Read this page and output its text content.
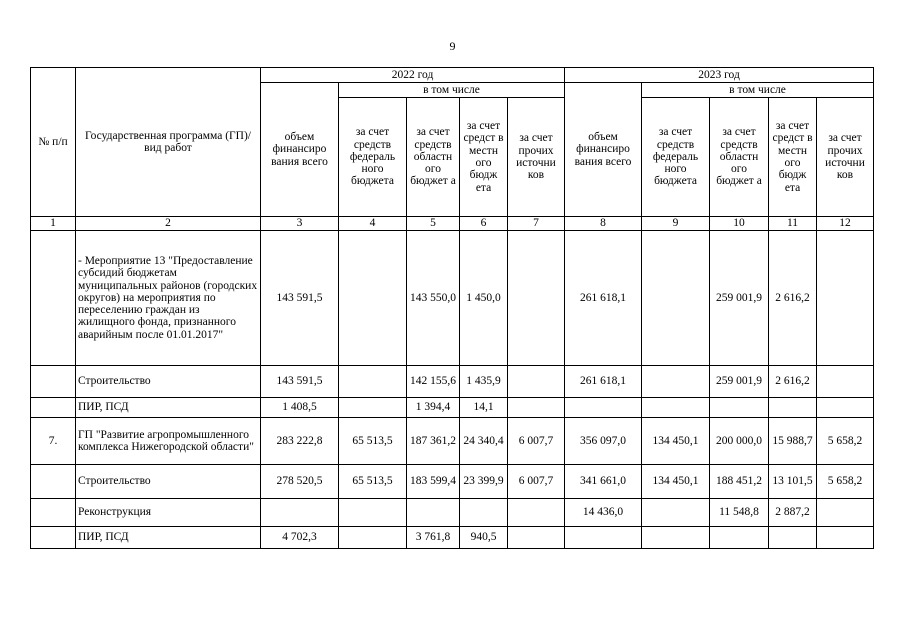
9
№ п/п	Государственная программа (ГП)/ вид работ	2022 год					2023 год				
		объем финансиро вания всего	в том числе				объем финансиро вания всего	в том числе			
			за счет средств федераль ного бюджета	за счет средств областн ого бюджет а	за счет средст в местн ого бюдж ета	за счет прочих источни ков		за счет средств федераль ного бюджета	за счет средств областн ого бюджет а	за счет средст в местн ого бюдж ета	за счет прочих источни ков
1	2	3	4	5	6	7	8	9	10	11	12
	- Мероприятие 13 "Предоставление субсидий бюджетам муниципальных районов (городских округов) на мероприятия по переселению граждан из жилищного фонда, признанного аварийным после 01.01.2017"	143 591,5		143 550,0	1 450,0		261 618,1		259 001,9	2 616,2	
	Строительство	143 591,5		142 155,6	1 435,9		261 618,1		259 001,9	2 616,2	
	ПИР, ПСД	1 408,5		1 394,4	14,1						
7.	ГП "Развитие агропромышленного комплекса Нижегородской области"	283 222,8	65 513,5	187 361,2	24 340,4	6 007,7	356 097,0	134 450,1	200 000,0	15 988,7	5 658,2
	Строительство	278 520,5	65 513,5	183 599,4	23 399,9	6 007,7	341 661,0	134 450,1	188 451,2	13 101,5	5 658,2
	Реконструкция						14 436,0		11 548,8	2 887,2	
	ПИР, ПСД	4 702,3		3 761,8	940,5						
